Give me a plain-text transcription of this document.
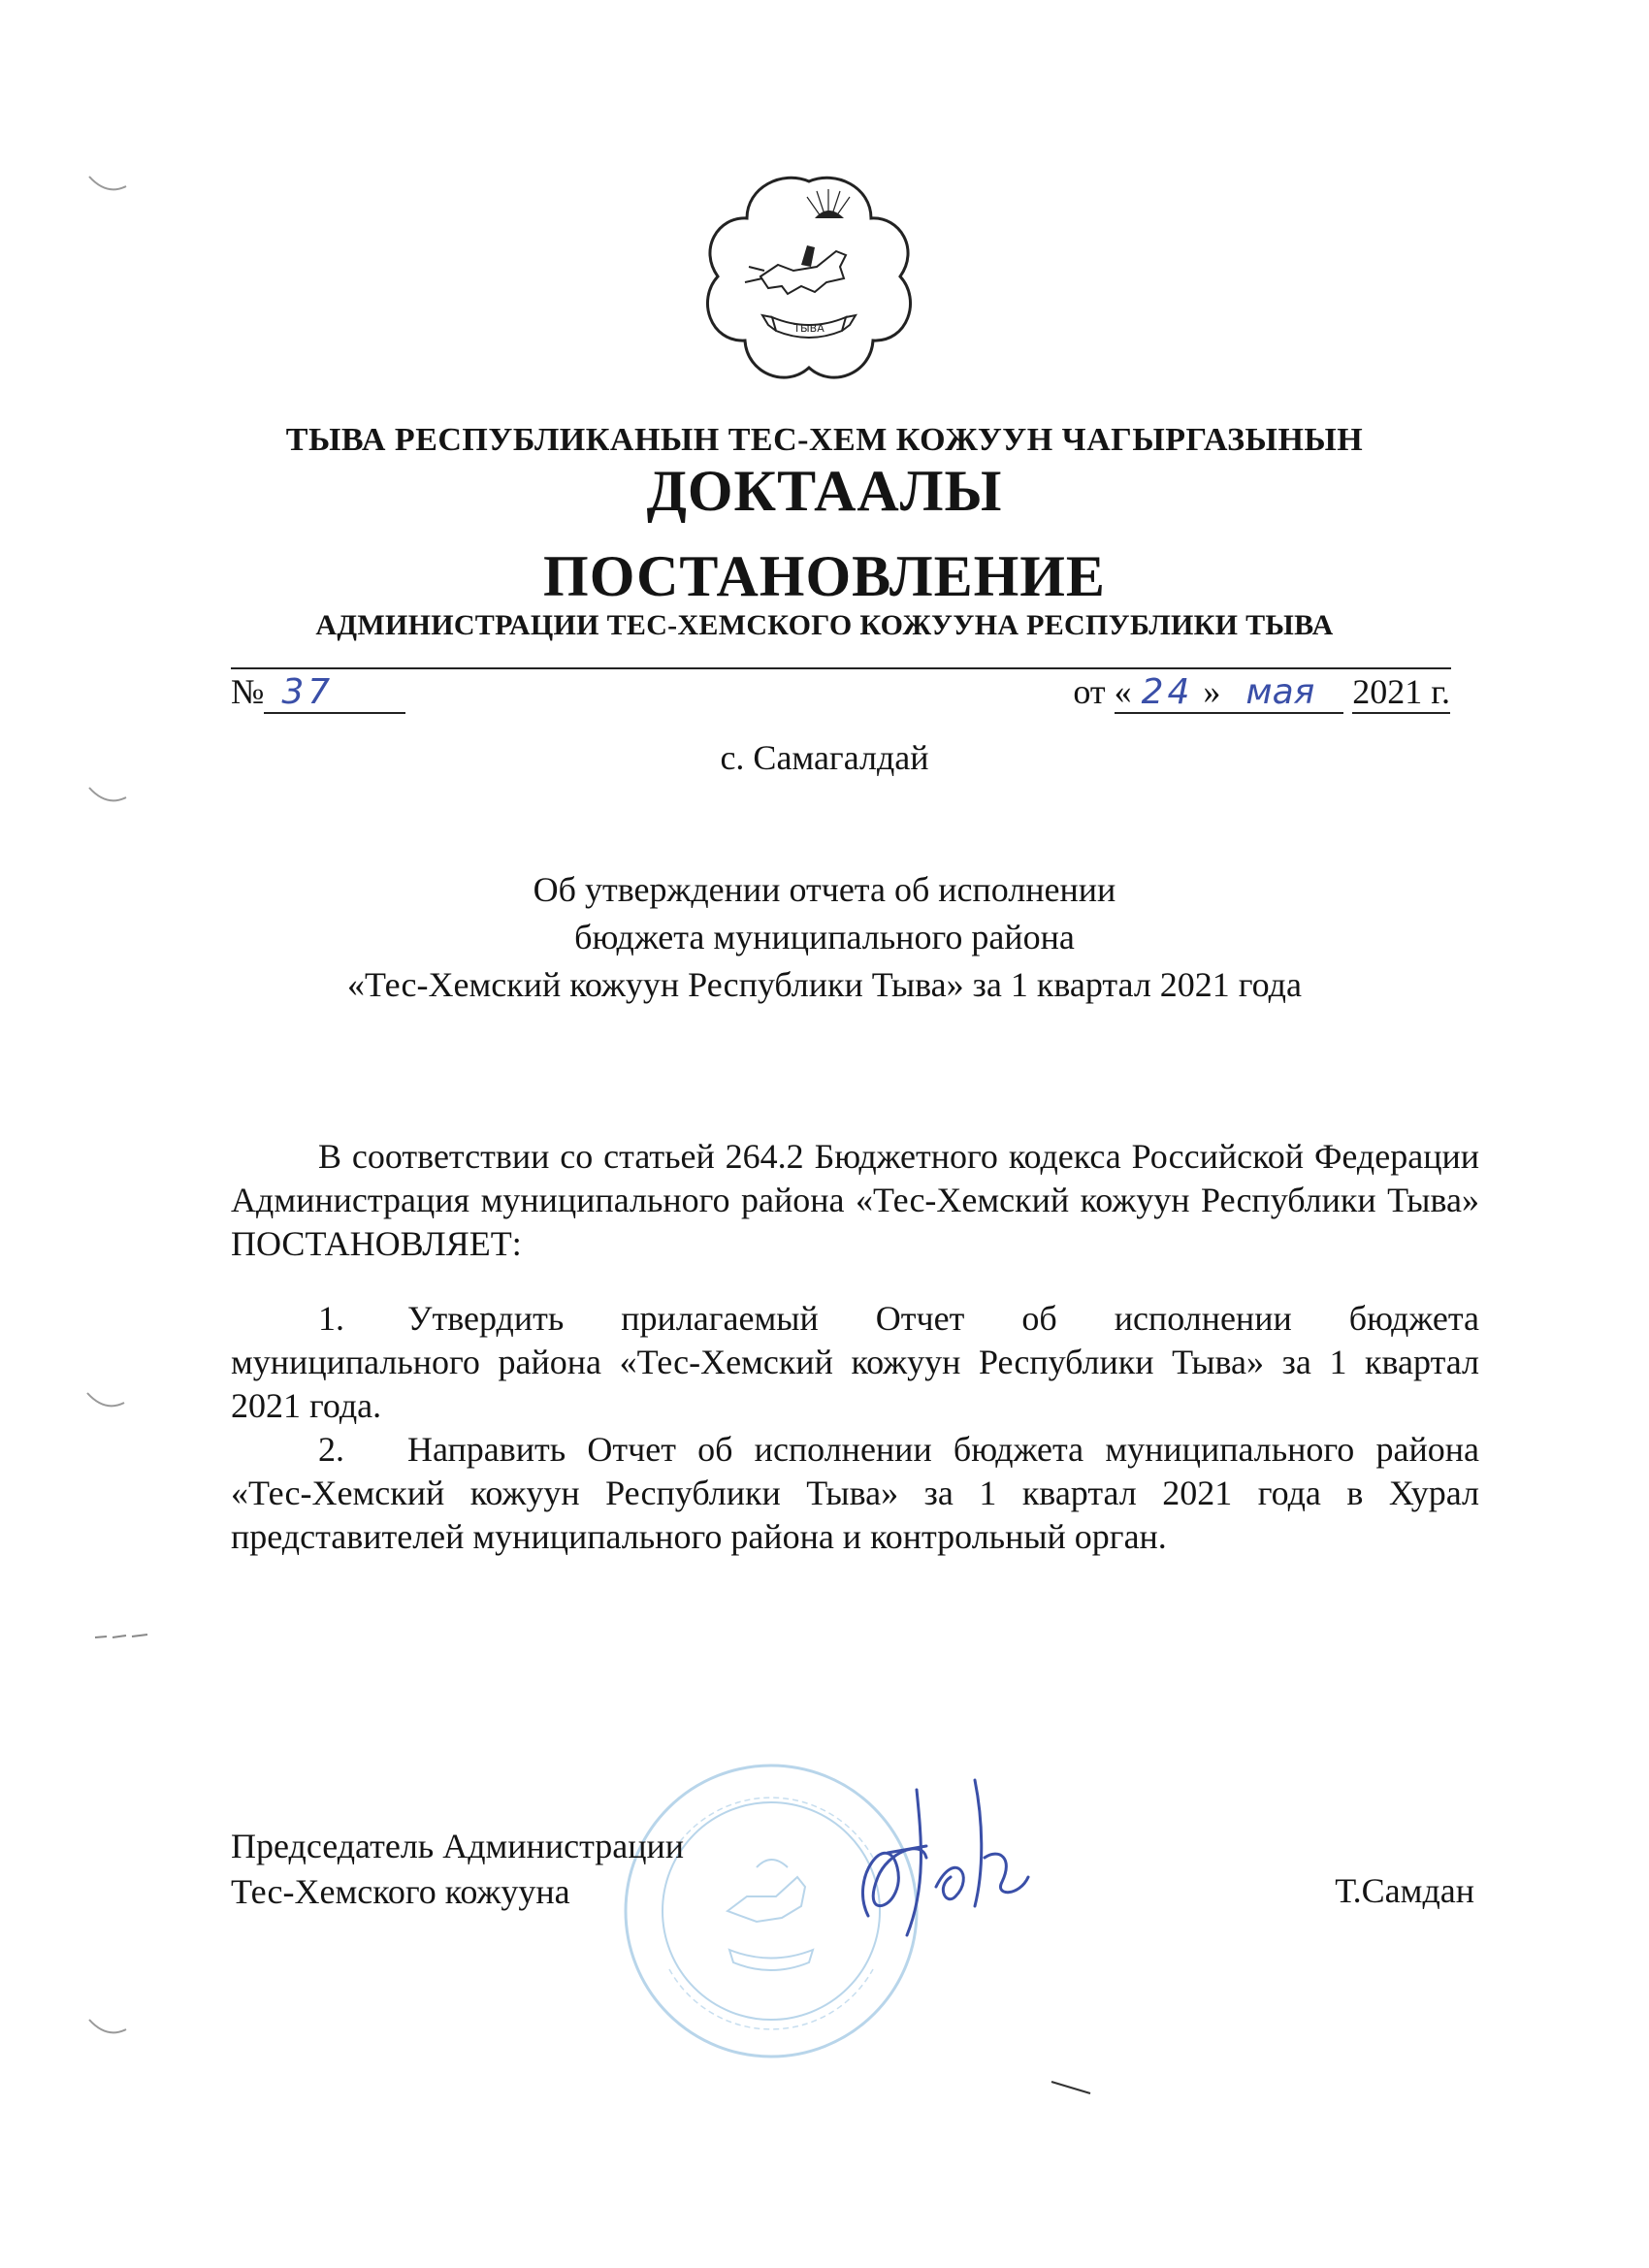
ТЫВА
ТЫВА РЕСПУБЛИКАНЫН ТЕС-ХЕМ КОЖУУН ЧАГЫРГАЗЫНЫН
ДОКТААЛЫ
ПОСТАНОВЛЕНИЕ
АДМИНИСТРАЦИИ ТЕС-ХЕМСКОГО КОЖУУНА РЕСПУБЛИКИ ТЫВА
№ 37	от « 24 » мая 2021 г.
с. Самагалдай
Об утверждении отчета об исполнении
бюджета муниципального района
«Тес-Хемский кожуун Республики Тыва» за 1 квартал 2021 года
В соответствии со статьей 264.2 Бюджетного кодекса Российской Федерации Администрация муниципального района «Тес-Хемский кожуун Республики Тыва» ПОСТАНОВЛЯЕТ:
1. Утвердить прилагаемый Отчет об исполнении бюджета муниципального района «Тес-Хемский кожуун Республики Тыва» за 1 квартал 2021 года.
2. Направить Отчет об исполнении бюджета муниципального района «Тес-Хемский кожуун Республики Тыва» за 1 квартал 2021 года в Хурал представителей муниципального района и контрольный орган.
Председатель Администрации
Тес-Хемского кожууна	Т.Самдан
